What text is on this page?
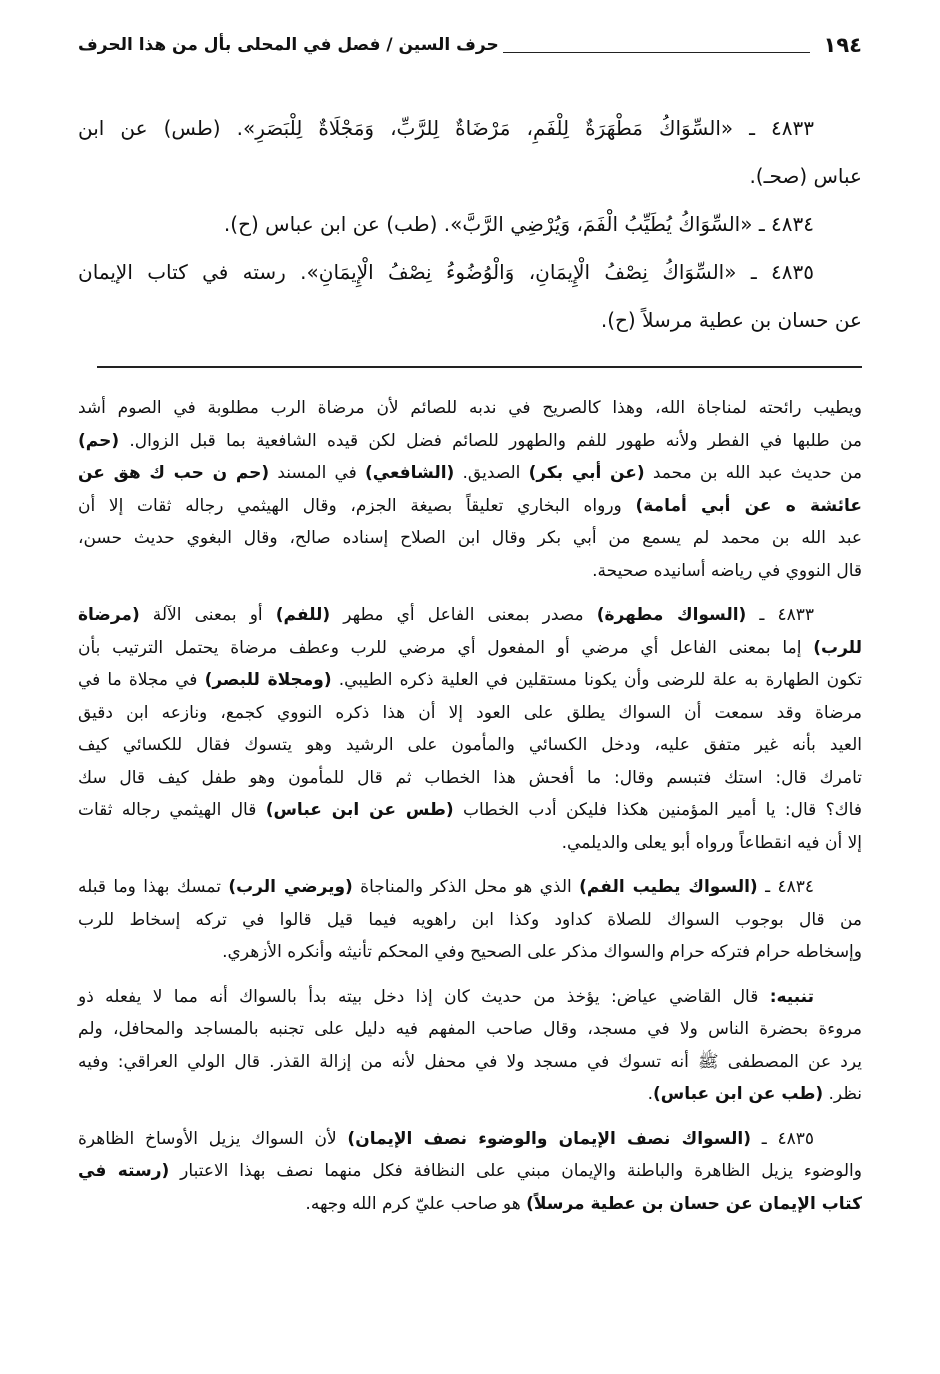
١٩٤
حرف السين / فصل في المحلى بأل من هذا الحرف
٤٨٣٣ ـ «السِّوَاكُ مَطْهَرَةٌ لِلْفَمِ، مَرْضَاةٌ لِلرَّبِّ، وَمَجْلَاةٌ لِلْبَصَرِ». (طس) عن ابن
عباس (صحـ).
٤٨٣٤ ـ «السِّوَاكُ يُطَيِّبُ الْفَمَ، وَيُرْضِي الرَّبَّ». (طب) عن ابن عباس (ح).
٤٨٣٥ ـ «السِّوَاكُ نِصْفُ الْإِيمَانِ، وَالْوُضُوءُ نِصْفُ الْإِيمَانِ». رسته في كتاب الإيمان
عن حسان بن عطية مرسلاً (ح).
ويطيب رائحته لمناجاة الله، وهذا كالصريح في ندبه للصائم لأن مرضاة الرب مطلوبة في الصوم أشد
من طلبها في الفطر ولأنه طهور للفم والطهور للصائم فضل لكن قيده الشافعية بما قبل الزوال. (حم)
من حديث عبد الله بن محمد (عن أبي بكر) الصديق. (الشافعي) في المسند (حم ن حب ك هق عن
عائشة ه عن أبي أمامة) ورواه البخاري تعليقاً بصيغة الجزم، وقال الهيثمي رجاله ثقات إلا أن
عبد الله بن محمد لم يسمع من أبي بكر وقال ابن الصلاح إسناده صالح، وقال البغوي حديث حسن،
قال النووي في رياضه أسانيده صحيحة.
٤٨٣٣ ـ (السواك مطهرة) مصدر بمعنى الفاعل أي مطهر (للفم) أو بمعنى الآلة (مرضاة
للرب) إما بمعنى الفاعل أي مرضي أو المفعول أي مرضي للرب وعطف مرضاة يحتمل الترتيب بأن
تكون الطهارة به علة للرضى وأن يكونا مستقلين في العلية ذكره الطيبي. (ومجلاة للبصر) في مجلاة ما في
مرضاة وقد سمعت أن السواك يطلق على العود إلا أن هذا ذكره النووي كجمع، ونازعه ابن دقيق
العيد بأنه غير متفق عليه، ودخل الكسائي والمأمون على الرشيد وهو يتسوك فقال للكسائي كيف
تامرك قال: استك فتبسم وقال: ما أفحش هذا الخطاب ثم قال للمأمون وهو طفل كيف قال سك
فاك؟ قال: يا أمير المؤمنين هكذا فليكن أدب الخطاب (طس عن ابن عباس) قال الهيثمي رجاله ثقات
إلا أن فيه انقطاعاً ورواه أبو يعلى والديلمي.
٤٨٣٤ ـ (السواك يطيب الفم) الذي هو محل الذكر والمناجاة (ويرضي الرب) تمسك بهذا وما قبله
من قال بوجوب السواك للصلاة كداود وكذا ابن راهويه فيما قيل قالوا في تركه إسخاط للرب
وإسخاطه حرام فتركه حرام والسواك مذكر على الصحيح وفي المحكم تأنيثه وأنكره الأزهري.
تنبيه: قال القاضي عياض: يؤخذ من حديث كان إذا دخل بيته بدأ بالسواك أنه مما لا يفعله ذو
مروءة بحضرة الناس ولا في مسجد، وقال صاحب المفهم فيه دليل على تجنبه بالمساجد والمحافل، ولم
يرد عن المصطفى ﷺ أنه تسوك في مسجد ولا في محفل لأنه من إزالة القذر. قال الولي العراقي: وفيه
نظر. (طب عن ابن عباس).
٤٨٣٥ ـ (السواك نصف الإيمان والوضوء نصف الإيمان) لأن السواك يزيل الأوساخ الظاهرة
والوضوء يزيل الظاهرة والباطنة والإيمان مبني على النظافة فكل منهما نصف بهذا الاعتبار (رسته في
كتاب الإيمان عن حسان بن عطية مرسلاً) هو صاحب عليّ كرم الله وجهه.
